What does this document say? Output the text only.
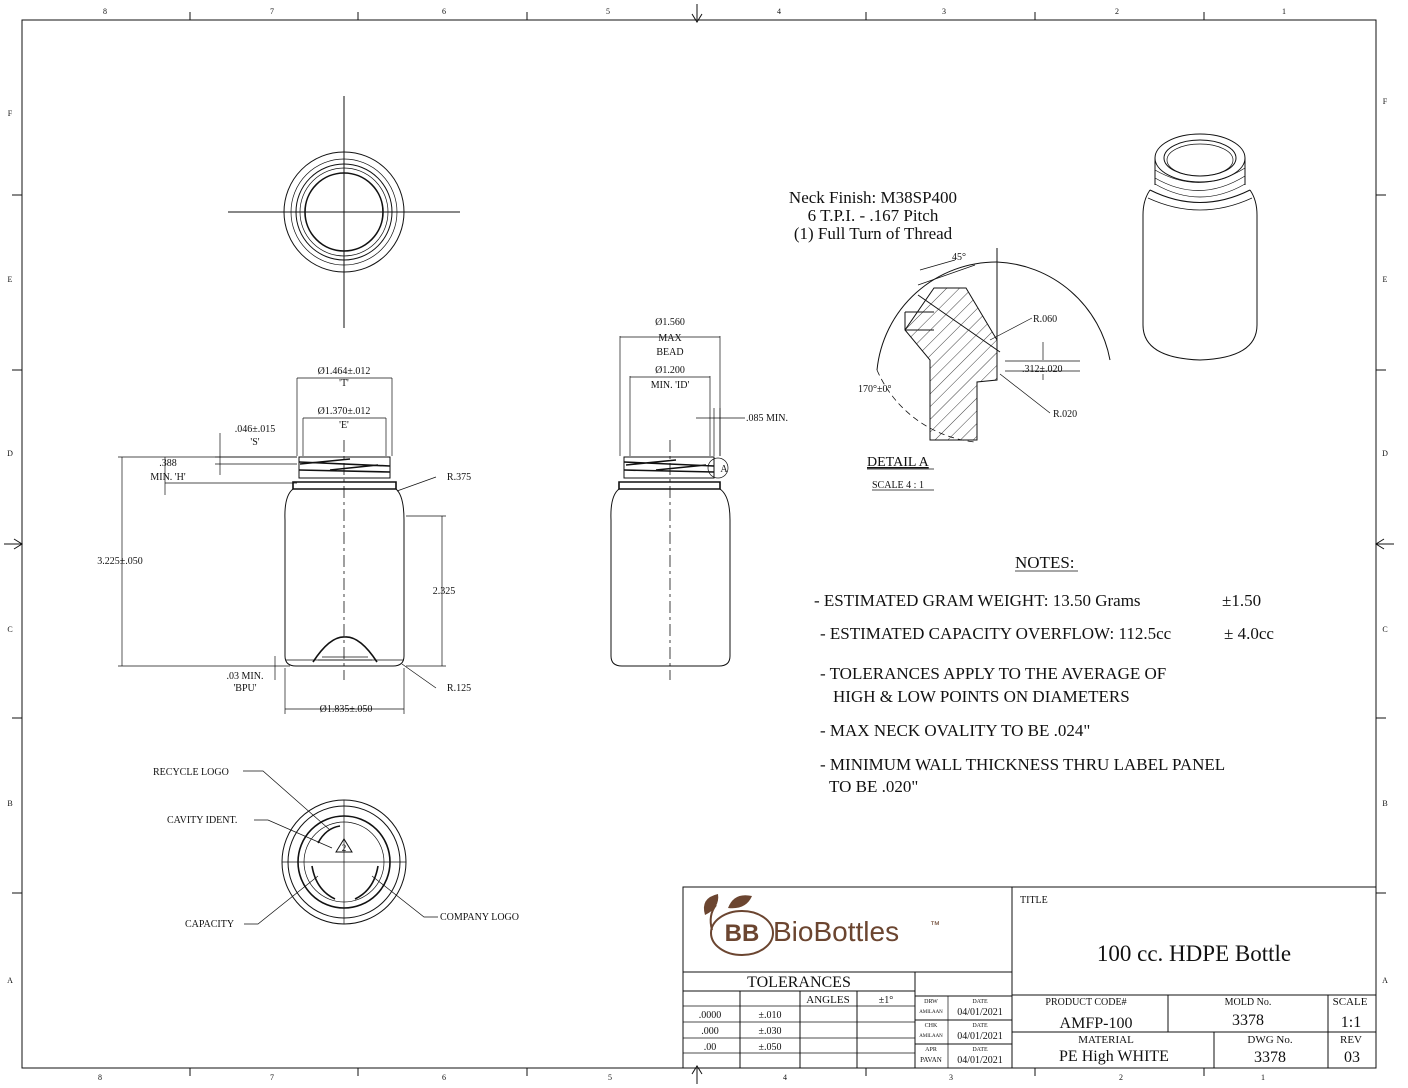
8	7	6	5	4	3	2	1
8	7	6	5	4	3	2	1
F
E
D
C
B
A
F
E
D
C
B
A
Ø1.464±.012
'T'
Ø1.370±.012
'E'
.046±.015
'S'
.388
MIN. 'H'
3.225±.050
2.325
R.375
R.125
.03 MIN.
'BPU'
Ø1.835±.050
Ø1.560
MAX
BEAD
Ø1.200
MIN. 'ID'
.085 MIN.
A
Neck Finish: M38SP400
6 T.P.I. - .167 Pitch
(1) Full Turn of Thread
45°
R.060
.312±.020
170°±0°
R.020
DETAIL A
SCALE 4 : 1
NOTES:
- ESTIMATED GRAM WEIGHT: 13.50 Grams	±1.50
- ESTIMATED CAPACITY OVERFLOW: 112.5cc	± 4.0cc
- TOLERANCES APPLY TO THE AVERAGE OF
HIGH & LOW POINTS ON DIAMETERS
- MAX NECK OVALITY TO BE .024"
- MINIMUM WALL THICKNESS THRU LABEL PANEL
TO BE .020"
2
RECYCLE LOGO
CAVITY IDENT.
CAPACITY
COMPANY LOGO
BB BioBottles	™
TITLE
100 cc. HDPE Bottle
TOLERANCES
ANGLES	±1°
.0000	±.010
.000	±.030
.00	±.050
DRW
AMILAAN
DATE
04/01/2021
CHK
AMILAAN
DATE
04/01/2021
APR
PAVAN
DATE
04/01/2021
PRODUCT CODE#
AMFP-100
MOLD No.
3378
SCALE
1:1
MATERIAL
PE High WHITE
DWG No.
3378
REV
03
